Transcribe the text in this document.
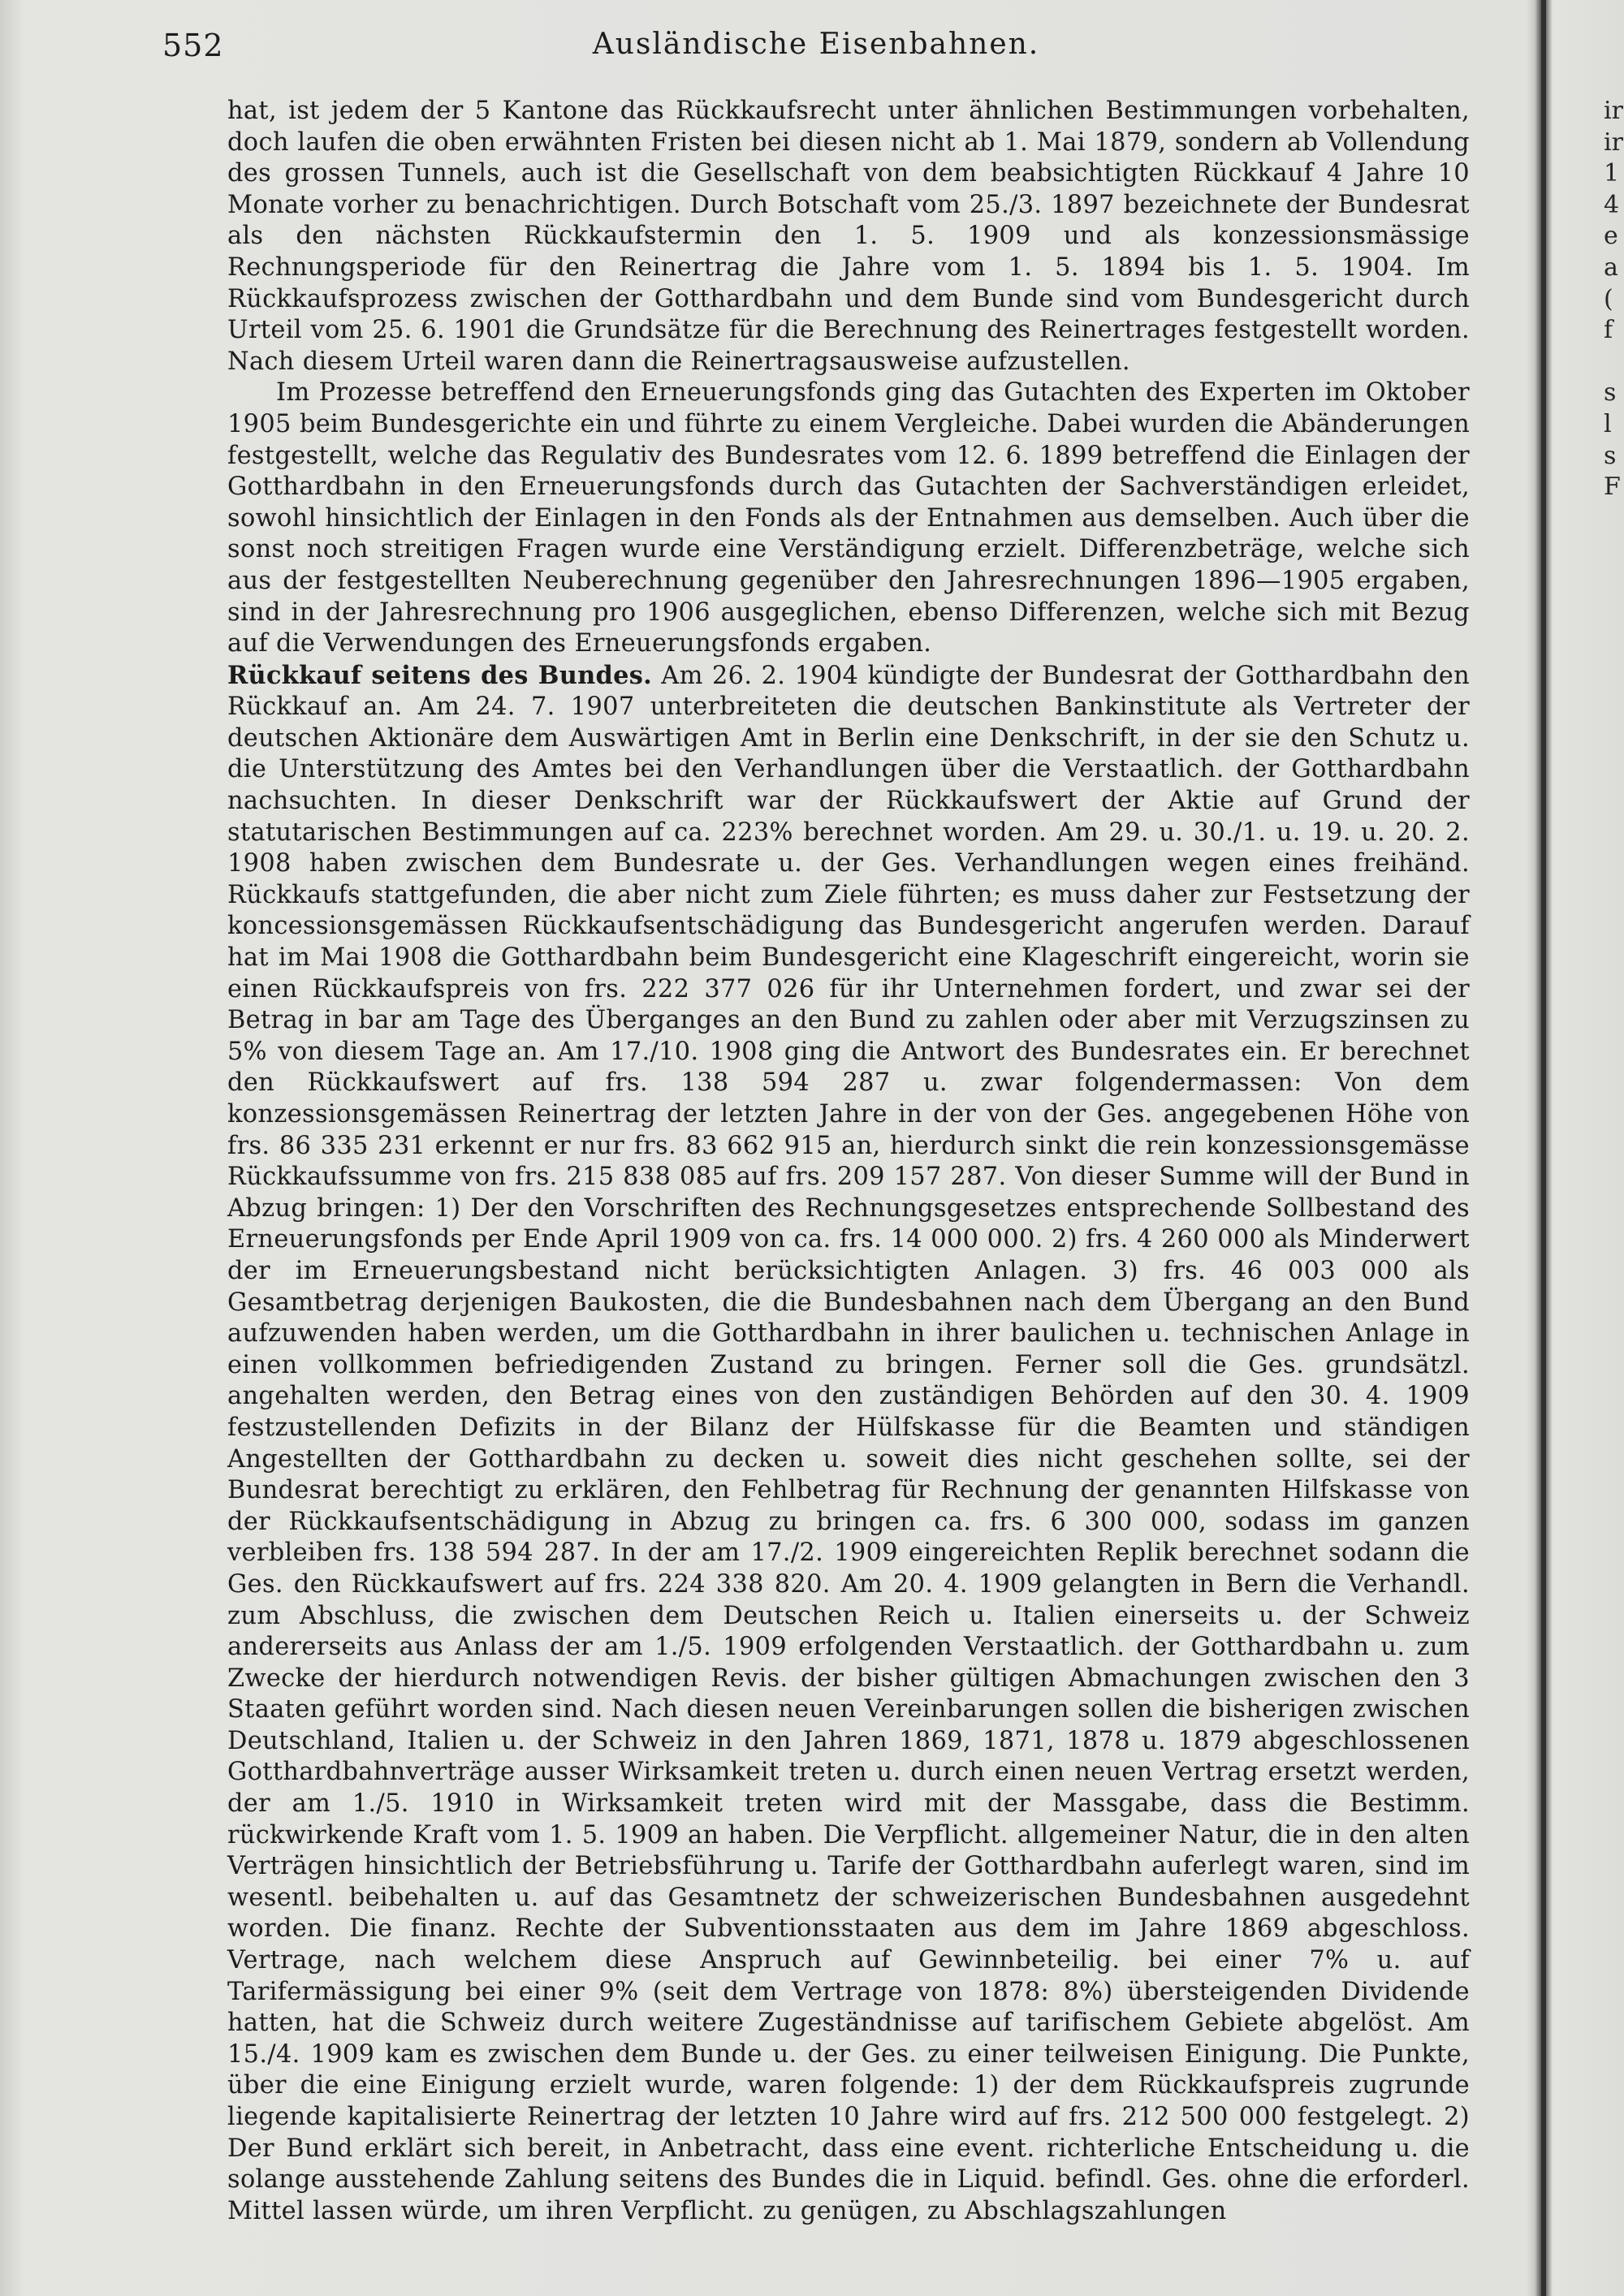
552	Ausländische Eisenbahnen.

hat, ist jedem der 5 Kantone das Rückkaufsrecht unter ähnlichen Bestimmungen vorbehalten, doch laufen die oben erwähnten Fristen bei diesen nicht ab 1. Mai 1879, sondern ab Vollendung des grossen Tunnels, auch ist die Gesellschaft von dem beabsichtigten Rückkauf 4 Jahre 10 Monate vorher zu benachrichtigen. Durch Botschaft vom 25./3. 1897 bezeichnete der Bundesrat als den nächsten Rückkaufstermin den 1. 5. 1909 und als konzessionsmässige Rechnungsperiode für den Reinertrag die Jahre vom 1. 5. 1894 bis 1. 5. 1904. Im Rückkaufsprozess zwischen der Gotthardbahn und dem Bunde sind vom Bundesgericht durch Urteil vom 25. 6. 1901 die Grundsätze für die Berechnung des Reinertrages festgestellt worden. Nach diesem Urteil waren dann die Reinertragsausweise aufzustellen.

Im Prozesse betreffend den Erneuerungsfonds ging das Gutachten des Experten im Oktober 1905 beim Bundesgerichte ein und führte zu einem Vergleiche. Dabei wurden die Abänderungen festgestellt, welche das Regulativ des Bundesrates vom 12. 6. 1899 betreffend die Einlagen der Gotthardbahn in den Erneuerungsfonds durch das Gutachten der Sachverständigen erleidet, sowohl hinsichtlich der Einlagen in den Fonds als der Entnahmen aus demselben. Auch über die sonst noch streitigen Fragen wurde eine Verständigung erzielt. Differenzbeträge, welche sich aus der festgestellten Neuberechnung gegenüber den Jahresrechnungen 1896—1905 ergaben, sind in der Jahresrechnung pro 1906 ausgeglichen, ebenso Differenzen, welche sich mit Bezug auf die Verwendungen des Erneuerungsfonds ergaben.

Rückkauf seitens des Bundes. Am 26. 2. 1904 kündigte der Bundesrat der Gotthardbahn den Rückkauf an. Am 24. 7. 1907 unterbreiteten die deutschen Bankinstitute als Vertreter der deutschen Aktionäre dem Auswärtigen Amt in Berlin eine Denkschrift, in der sie den Schutz u. die Unterstützung des Amtes bei den Verhandlungen über die Verstaatlich. der Gotthardbahn nachsuchten. In dieser Denkschrift war der Rückkaufswert der Aktie auf Grund der statutarischen Bestimmungen auf ca. 223% berechnet worden. Am 29. u. 30./1. u. 19. u. 20. 2. 1908 haben zwischen dem Bundesrate u. der Ges. Verhandlungen wegen eines freihänd. Rückkaufs stattgefunden, die aber nicht zum Ziele führten; es muss daher zur Festsetzung der koncessionsgemässen Rückkaufsentschädigung das Bundesgericht angerufen werden. Darauf hat im Mai 1908 die Gotthardbahn beim Bundesgericht eine Klageschrift eingereicht, worin sie einen Rückkaufspreis von frs. 222 377 026 für ihr Unternehmen fordert, und zwar sei der Betrag in bar am Tage des Überganges an den Bund zu zahlen oder aber mit Verzugszinsen zu 5% von diesem Tage an. Am 17./10. 1908 ging die Antwort des Bundesrates ein. Er berechnet den Rückkaufswert auf frs. 138 594 287 u. zwar folgendermassen: Von dem konzessionsgemässen Reinertrag der letzten Jahre in der von der Ges. angegebenen Höhe von frs. 86 335 231 erkennt er nur frs. 83 662 915 an, hierdurch sinkt die rein konzessionsgemässe Rückkaufssumme von frs. 215 838 085 auf frs. 209 157 287. Von dieser Summe will der Bund in Abzug bringen: 1) Der den Vorschriften des Rechnungsgesetzes entsprechende Sollbestand des Erneuerungsfonds per Ende April 1909 von ca. frs. 14 000 000. 2) frs. 4 260 000 als Minderwert der im Erneuerungsbestand nicht berücksichtigten Anlagen. 3) frs. 46 003 000 als Gesamtbetrag derjenigen Baukosten, die die Bundesbahnen nach dem Übergang an den Bund aufzuwenden haben werden, um die Gotthardbahn in ihrer baulichen u. technischen Anlage in einen vollkommen befriedigenden Zustand zu bringen. Ferner soll die Ges. grundsätzl. angehalten werden, den Betrag eines von den zuständigen Behörden auf den 30. 4. 1909 festzustellenden Defizits in der Bilanz der Hülfskasse für die Beamten und ständigen Angestellten der Gotthardbahn zu decken u. soweit dies nicht geschehen sollte, sei der Bundesrat berechtigt zu erklären, den Fehlbetrag für Rechnung der genannten Hilfskasse von der Rückkaufsentschädigung in Abzug zu bringen ca. frs. 6 300 000, sodass im ganzen verbleiben frs. 138 594 287. In der am 17./2. 1909 eingereichten Replik berechnet sodann die Ges. den Rückkaufswert auf frs. 224 338 820. Am 20. 4. 1909 gelangten in Bern die Verhandl. zum Abschluss, die zwischen dem Deutschen Reich u. Italien einerseits u. der Schweiz andererseits aus Anlass der am 1./5. 1909 erfolgenden Verstaatlich. der Gotthardbahn u. zum Zwecke der hierdurch notwendigen Revis. der bisher gültigen Abmachungen zwischen den 3 Staaten geführt worden sind. Nach diesen neuen Vereinbarungen sollen die bisherigen zwischen Deutschland, Italien u. der Schweiz in den Jahren 1869, 1871, 1878 u. 1879 abgeschlossenen Gotthardbahnverträge ausser Wirksamkeit treten u. durch einen neuen Vertrag ersetzt werden, der am 1./5. 1910 in Wirksamkeit treten wird mit der Massgabe, dass die Bestimm. rückwirkende Kraft vom 1. 5. 1909 an haben. Die Verpflicht. allgemeiner Natur, die in den alten Verträgen hinsichtlich der Betriebsführung u. Tarife der Gotthardbahn auferlegt waren, sind im wesentl. beibehalten u. auf das Gesamtnetz der schweizerischen Bundesbahnen ausgedehnt worden. Die finanz. Rechte der Subventionsstaaten aus dem im Jahre 1869 abgeschloss. Vertrage, nach welchem diese Anspruch auf Gewinnbeteilig. bei einer 7% u. auf Tarifermässigung bei einer 9% (seit dem Vertrage von 1878: 8%) übersteigenden Dividende hatten, hat die Schweiz durch weitere Zugeständnisse auf tarifischem Gebiete abgelöst. Am 15./4. 1909 kam es zwischen dem Bunde u. der Ges. zu einer teilweisen Einigung. Die Punkte, über die eine Einigung erzielt wurde, waren folgende: 1) der dem Rückkaufspreis zugrunde liegende kapitalisierte Reinertrag der letzten 10 Jahre wird auf frs. 212 500 000 festgelegt. 2) Der Bund erklärt sich bereit, in Anbetracht, dass eine event. richterliche Entscheidung u. die solange ausstehende Zahlung seitens des Bundes die in Liquid. befindl. Ges. ohne die erforderl. Mittel lassen würde, um ihren Verpflicht. zu genügen, zu Abschlagszahlungen

ir
ir
1
4
e
a
(
f
s
l
s
F
